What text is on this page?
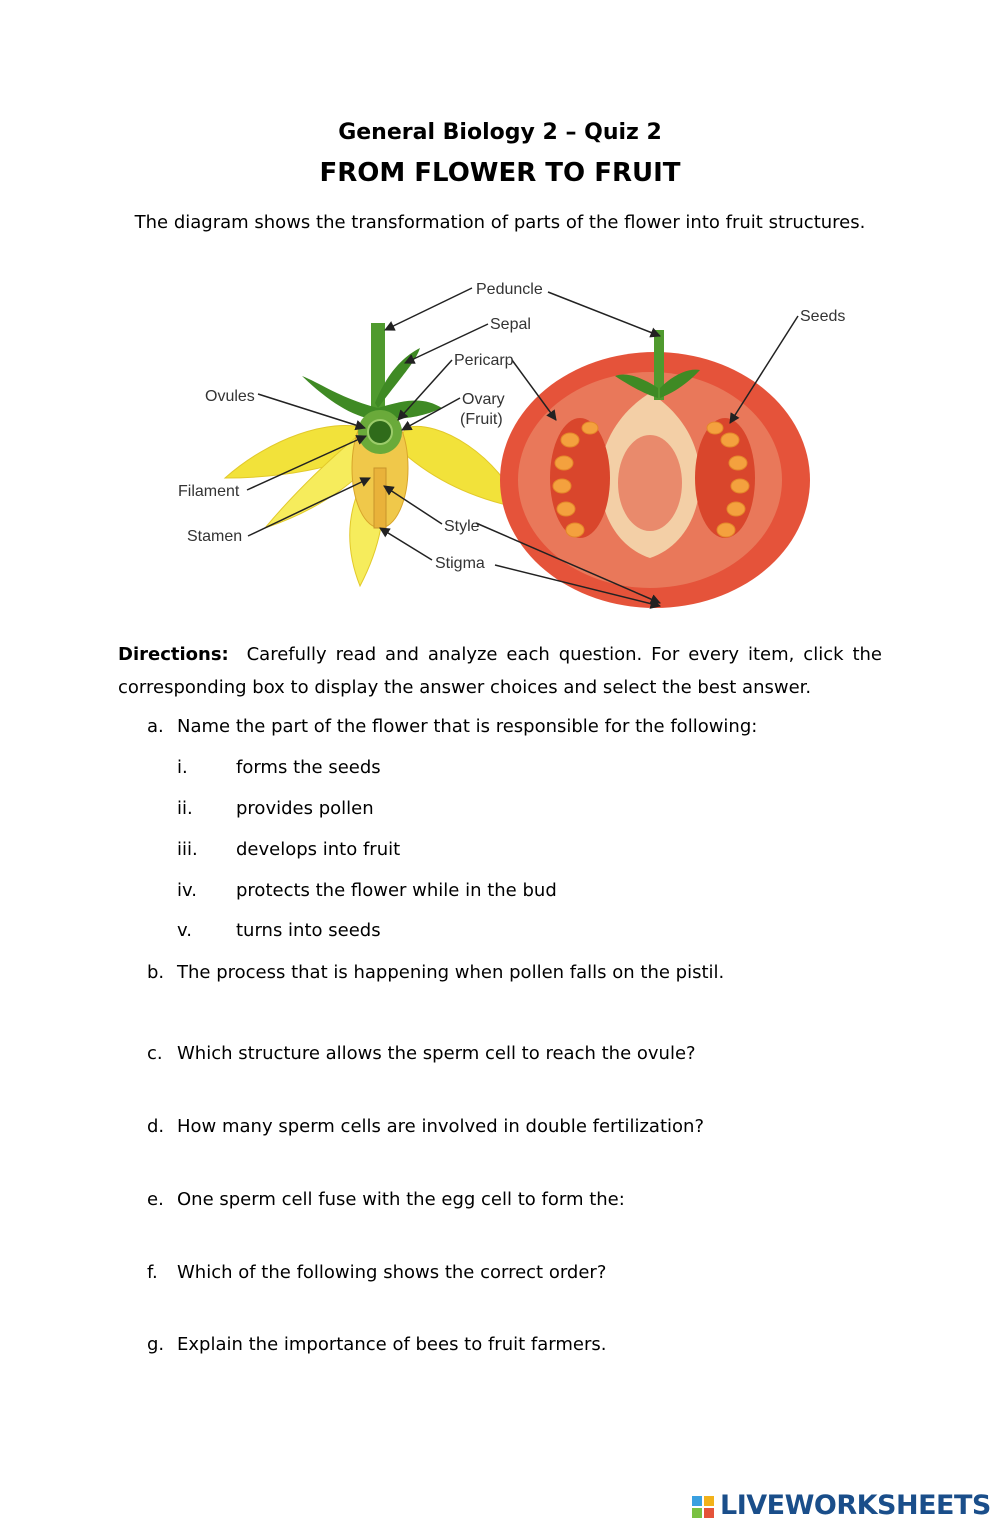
General Biology 2 – Quiz 2
FROM FLOWER TO FRUIT
The diagram shows the transformation of parts of the flower into fruit structures.
Peduncle
Sepal
Pericarp
Ovules	Ovary
(Fruit)
Filament
Stamen
Style
Stigma
Seeds
Directions: Carefully read and analyze each question. For every item, click the corresponding box to display the answer choices and select the best answer.
a. Name the part of the flower that is responsible for the following:
i.	forms the seeds
ii. provides pollen
iii. develops into fruit
iv. protects the flower while in the bud
v. turns into seeds
b. The process that is happening when pollen falls on the pistil.
c. Which structure allows the sperm cell to reach the ovule?
d. How many sperm cells are involved in double fertilization?
e. One sperm cell fuse with the egg cell to form the:
f. Which of the following shows the correct order?
g. Explain the importance of bees to fruit farmers.
LIVEWORKSHEETS
